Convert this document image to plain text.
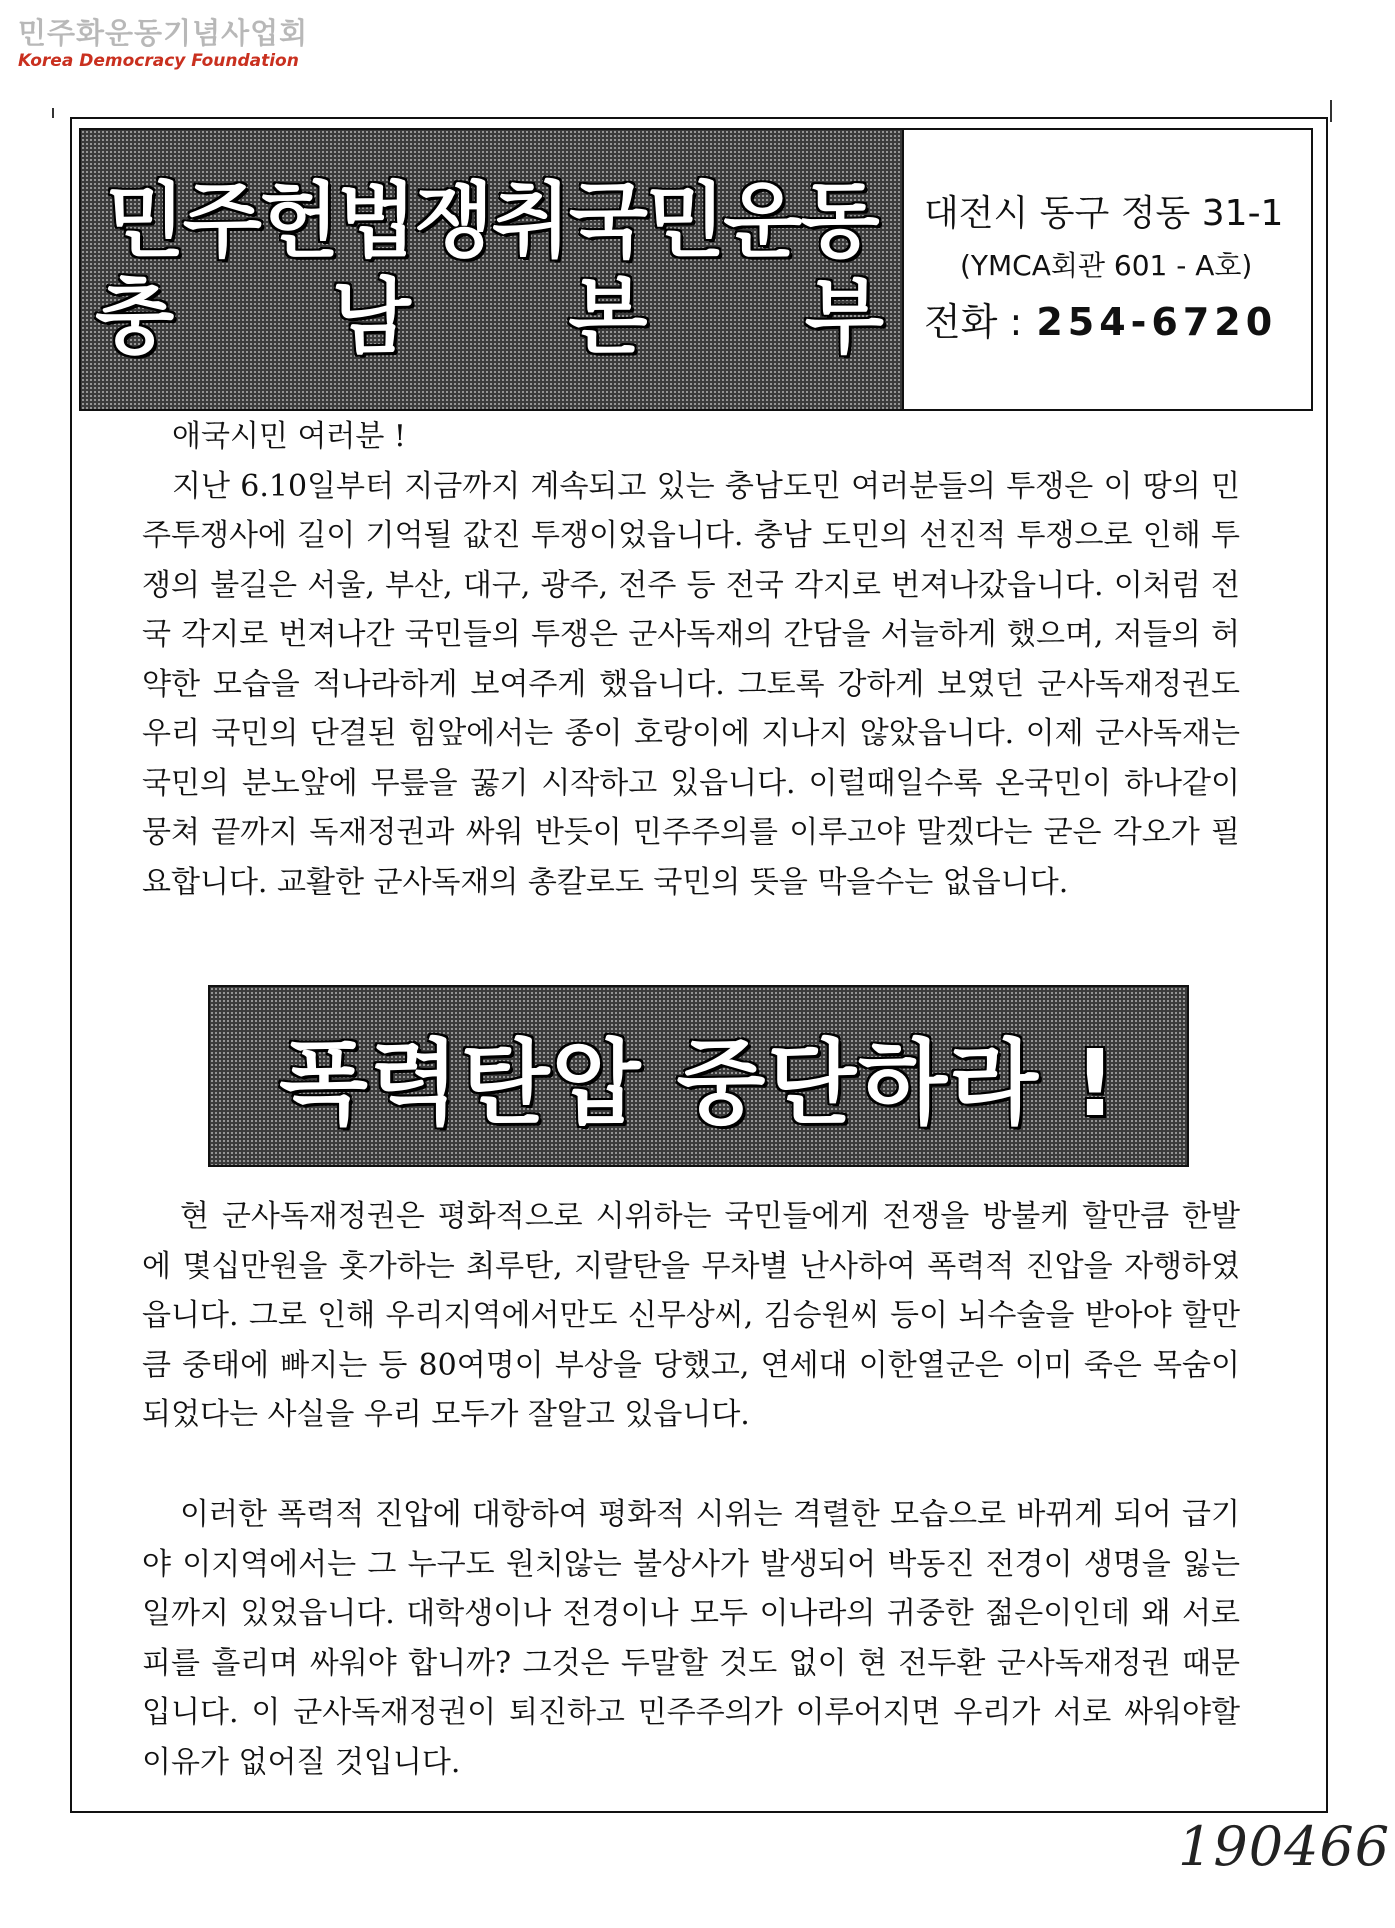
민주화운동기념사업회
Korea Democracy Foundation
민주헌법쟁취국민운동
충 남 본 부
대전시 동구 정동 31-1
(YMCA회관 601 - A호)
전화 : 254-6720
애국시민 여러분 !
지난 6.10일부터 지금까지 계속되고 있는 충남도민 여러분들의 투쟁은 이 땅의 민주투쟁사에 길이 기억될 값진 투쟁이었읍니다. 충남 도민의 선진적 투쟁으로 인해 투쟁의 불길은 서울, 부산, 대구, 광주, 전주 등 전국 각지로 번져나갔읍니다. 이처럼 전국 각지로 번져나간 국민들의 투쟁은 군사독재의 간담을 서늘하게 했으며, 저들의 허약한 모습을 적나라하게 보여주게 했읍니다. 그토록 강하게 보였던 군사독재정권도 우리 국민의 단결된 힘앞에서는 종이 호랑이에 지나지 않았읍니다. 이제 군사독재는 국민의 분노앞에 무릎을 꿇기 시작하고 있읍니다. 이럴때일수록 온국민이 하나같이 뭉쳐 끝까지 독재정권과 싸워 반듯이 민주주의를 이루고야 말겠다는 굳은 각오가 필요합니다. 교활한 군사독재의 총칼로도 국민의 뜻을 막을수는 없읍니다.
폭력탄압 중단하라 !

현 군사독재정권은 평화적으로 시위하는 국민들에게 전쟁을 방불케 할만큼 한발에 몇십만원을 홋가하는 최루탄, 지랄탄을 무차별 난사하여 폭력적 진압을 자행하였읍니다. 그로 인해 우리지역에서만도 신무상씨, 김승원씨 등이 뇌수술을 받아야 할만큼 중태에 빠지는 등 80여명이 부상을 당했고, 연세대 이한열군은 이미 죽은 목숨이 되었다는 사실을 우리 모두가 잘알고 있읍니다.

이러한 폭력적 진압에 대항하여 평화적 시위는 격렬한 모습으로 바뀌게 되어 급기야 이지역에서는 그 누구도 원치않는 불상사가 발생되어 박동진 전경이 생명을 잃는 일까지 있었읍니다. 대학생이나 전경이나 모두 이나라의 귀중한 젊은이인데 왜 서로 피를 흘리며 싸워야 합니까? 그것은 두말할 것도 없이 현 전두환 군사독재정권 때문입니다. 이 군사독재정권이 퇴진하고 민주주의가 이루어지면 우리가 서로 싸워야할 이유가 없어질 것입니다.

190466
